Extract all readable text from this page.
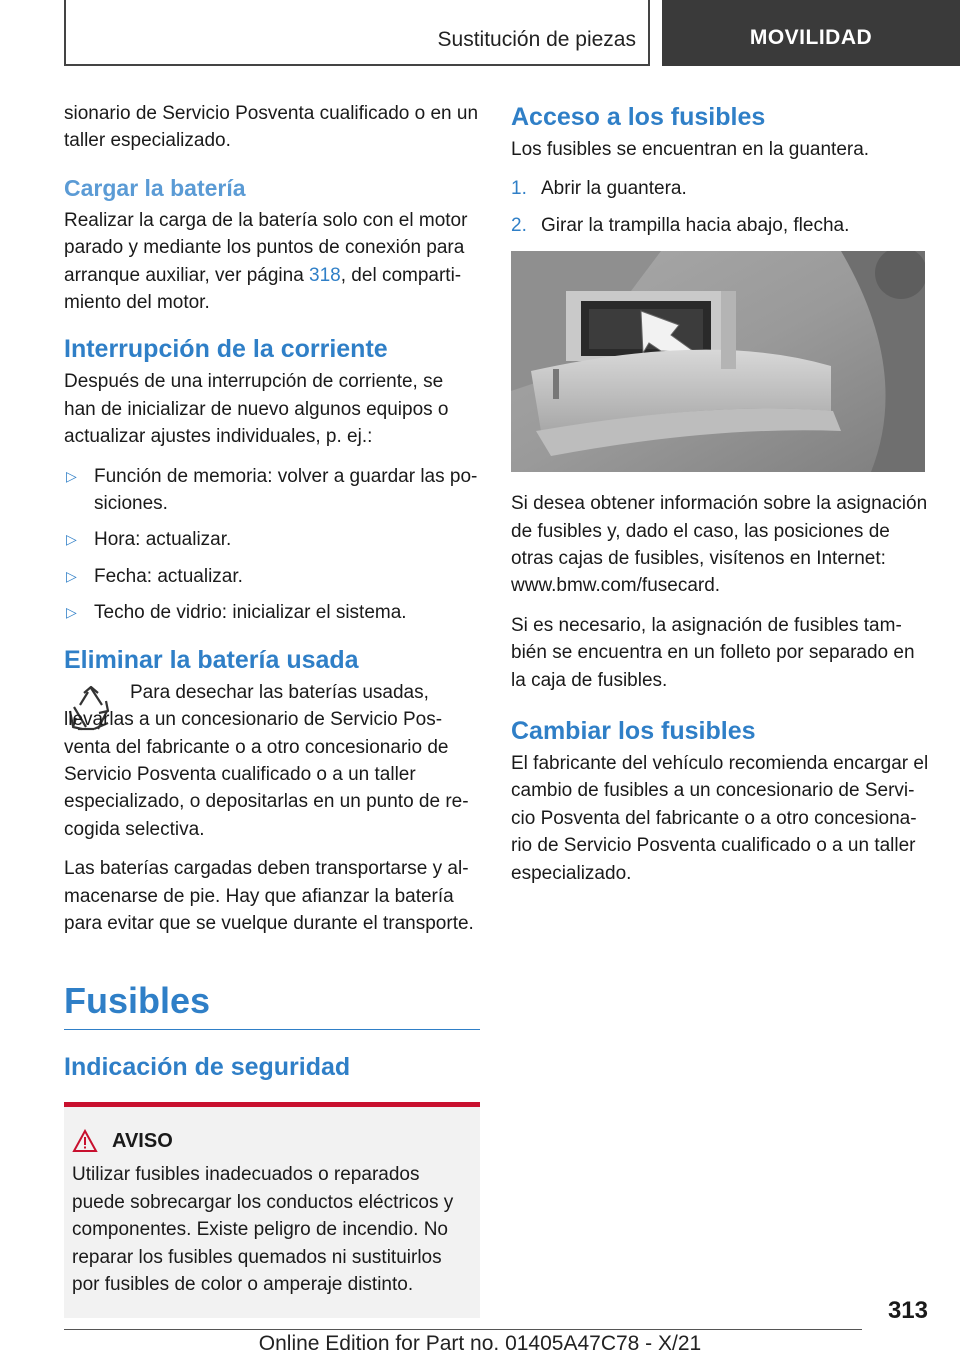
Sustitución de piezas	MOVILIDAD

sionario de Servicio Posventa cualificado o en un taller especializado.

Cargar la batería

Realizar la carga de la batería solo con el motor parado y mediante los puntos de conexión para arranque auxiliar, ver página 318, del compartimiento del motor.

Interrupción de la corriente

Después de una interrupción de corriente, se han de inicializar de nuevo algunos equipos o actualizar ajustes individuales, p. ej.:

▷ Función de memoria: volver a guardar las posiciones.
▷ Hora: actualizar.
▷ Fecha: actualizar.
▷ Techo de vidrio: inicializar el sistema.
Eliminar la batería usada

Para desechar las baterías usadas, llevarlas a un concesionario de Servicio Posventa del fabricante o a otro concesionario de Servicio Posventa cualificado o a un taller especializado, o depositarlas en un punto de recogida selectiva.

Las baterías cargadas deben transportarse y almacenarse de pie. Hay que afianzar la batería para evitar que se vuelque durante el transporte.

Fusibles
Indicación de seguridad
AVISO

Utilizar fusibles inadecuados o reparados puede sobrecargar los conductos eléctricos y componentes. Existe peligro de incendio. No reparar los fusibles quemados ni sustituirlos por fusibles de color o amperaje distinto.

Acceso a los fusibles

Los fusibles se encuentran en la guantera.

1. Abrir la guantera.
2. Girar la trampilla hacia abajo, flecha.

Si desea obtener información sobre la asignación de fusibles y, dado el caso, las posiciones de otras cajas de fusibles, visítenos en Internet: www.bmw.com/fusecard.

Si es necesario, la asignación de fusibles también se encuentra en un folleto por separado en la caja de fusibles.

Cambiar los fusibles

El fabricante del vehículo recomienda encargar el cambio de fusibles a un concesionario de Servicio Posventa del fabricante o a otro concesionario de Servicio Posventa cualificado o a un taller especializado.

313
Online Edition for Part no. 01405A47C78 - X/21
